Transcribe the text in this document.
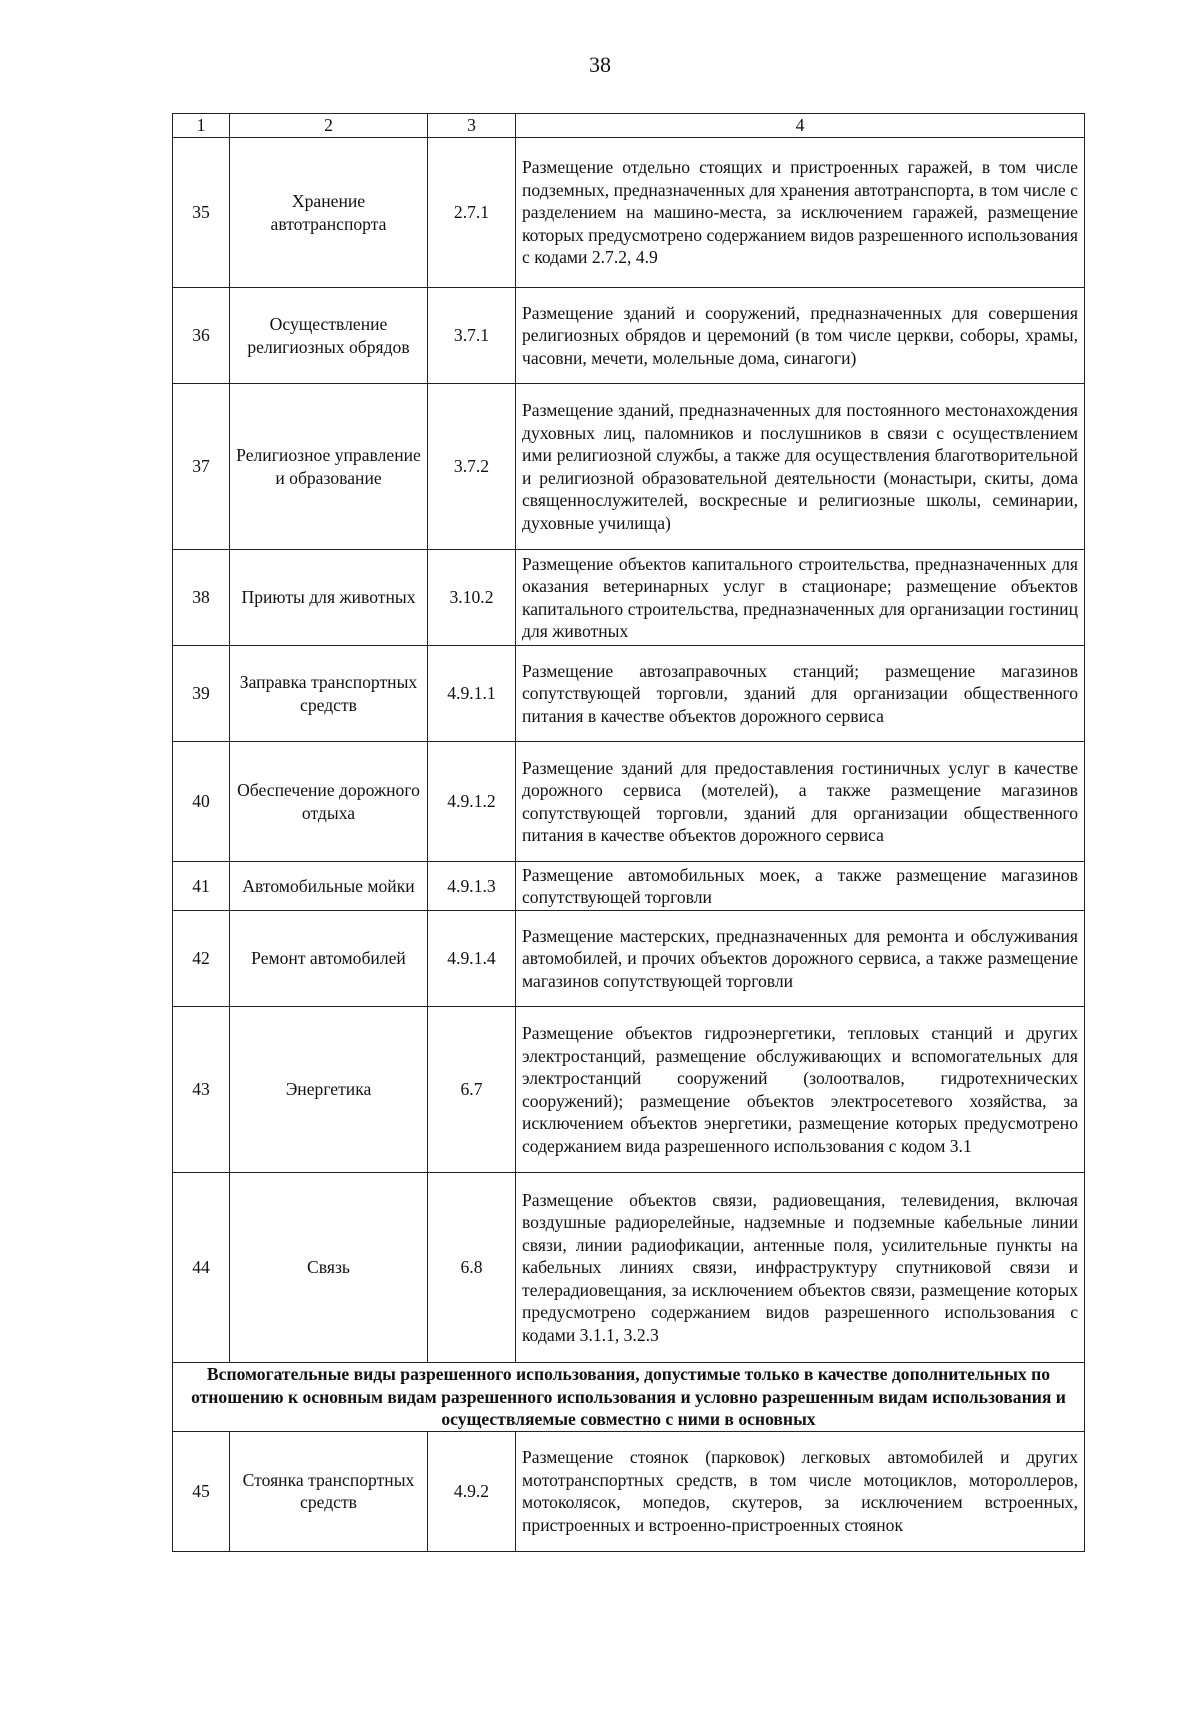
38
1	2	3	4
35	Хранение автотранспорта	2.7.1	Размещение отдельно стоящих и пристроенных гаражей, в том числе подземных, предназначенных для хранения автотранспорта, в том числе с разделением на машино-места, за исключением гаражей, размещение которых предусмотрено содержанием видов разрешенного использования с кодами 2.7.2, 4.9
36	Осуществление религиозных обрядов	3.7.1	Размещение зданий и сооружений, предназначенных для совершения религиозных обрядов и церемоний (в том числе церкви, соборы, храмы, часовни, мечети, молельные дома, синагоги)
37	Религиозное управление и образование	3.7.2	Размещение зданий, предназначенных для постоянного местонахождения духовных лиц, паломников и послушников в связи с осуществлением ими религиозной службы, а также для осуществления благотворительной и религиозной образовательной деятельности (монастыри, скиты, дома священнослужителей, воскресные и религиозные школы, семинарии, духовные училища)
38	Приюты для животных	3.10.2	Размещение объектов капитального строительства, предназначенных для оказания ветеринарных услуг в стационаре; размещение объектов капитального строительства, предназначенных для организации гостиниц для животных
39	Заправка транспортных средств	4.9.1.1	Размещение автозаправочных станций; размещение магазинов сопутствующей торговли, зданий для организации общественного питания в качестве объектов дорожного сервиса
40	Обеспечение дорожного отдыха	4.9.1.2	Размещение зданий для предоставления гостиничных услуг в качестве дорожного сервиса (мотелей), а также размещение магазинов сопутствующей торговли, зданий для организации общественного питания в качестве объектов дорожного сервиса
41	Автомобильные мойки	4.9.1.3	Размещение автомобильных моек, а также размещение магазинов сопутствующей торговли
42	Ремонт автомобилей	4.9.1.4	Размещение мастерских, предназначенных для ремонта и обслуживания автомобилей, и прочих объектов дорожного сервиса, а также размещение магазинов сопутствующей торговли
43	Энергетика	6.7	Размещение объектов гидроэнергетики, тепловых станций и других электростанций, размещение обслуживающих и вспомогательных для электростанций сооружений (золоотвалов, гидротехнических сооружений); размещение объектов электросетевого хозяйства, за исключением объектов энергетики, размещение которых предусмотрено содержанием вида разрешенного использования с кодом 3.1
44	Связь	6.8	Размещение объектов связи, радиовещания, телевидения, включая воздушные радиорелейные, надземные и подземные кабельные линии связи, линии радиофикации, антенные поля, усилительные пункты на кабельных линиях связи, инфраструктуру спутниковой связи и телерадиовещания, за исключением объектов связи, размещение которых предусмотрено содержанием видов разрешенного использования с кодами 3.1.1, 3.2.3
Вспомогательные виды разрешенного использования, допустимые только в качестве дополнительных по отношению к основным видам разрешенного использования и условно разрешенным видам использования и осуществляемые совместно с ними в основных			
45	Стоянка транспортных средств	4.9.2	Размещение стоянок (парковок) легковых автомобилей и других мототранспортных средств, в том числе мотоциклов, мотороллеров, мотоколясок, мопедов, скутеров, за исключением встроенных, пристроенных и встроенно-пристроенных стоянок
